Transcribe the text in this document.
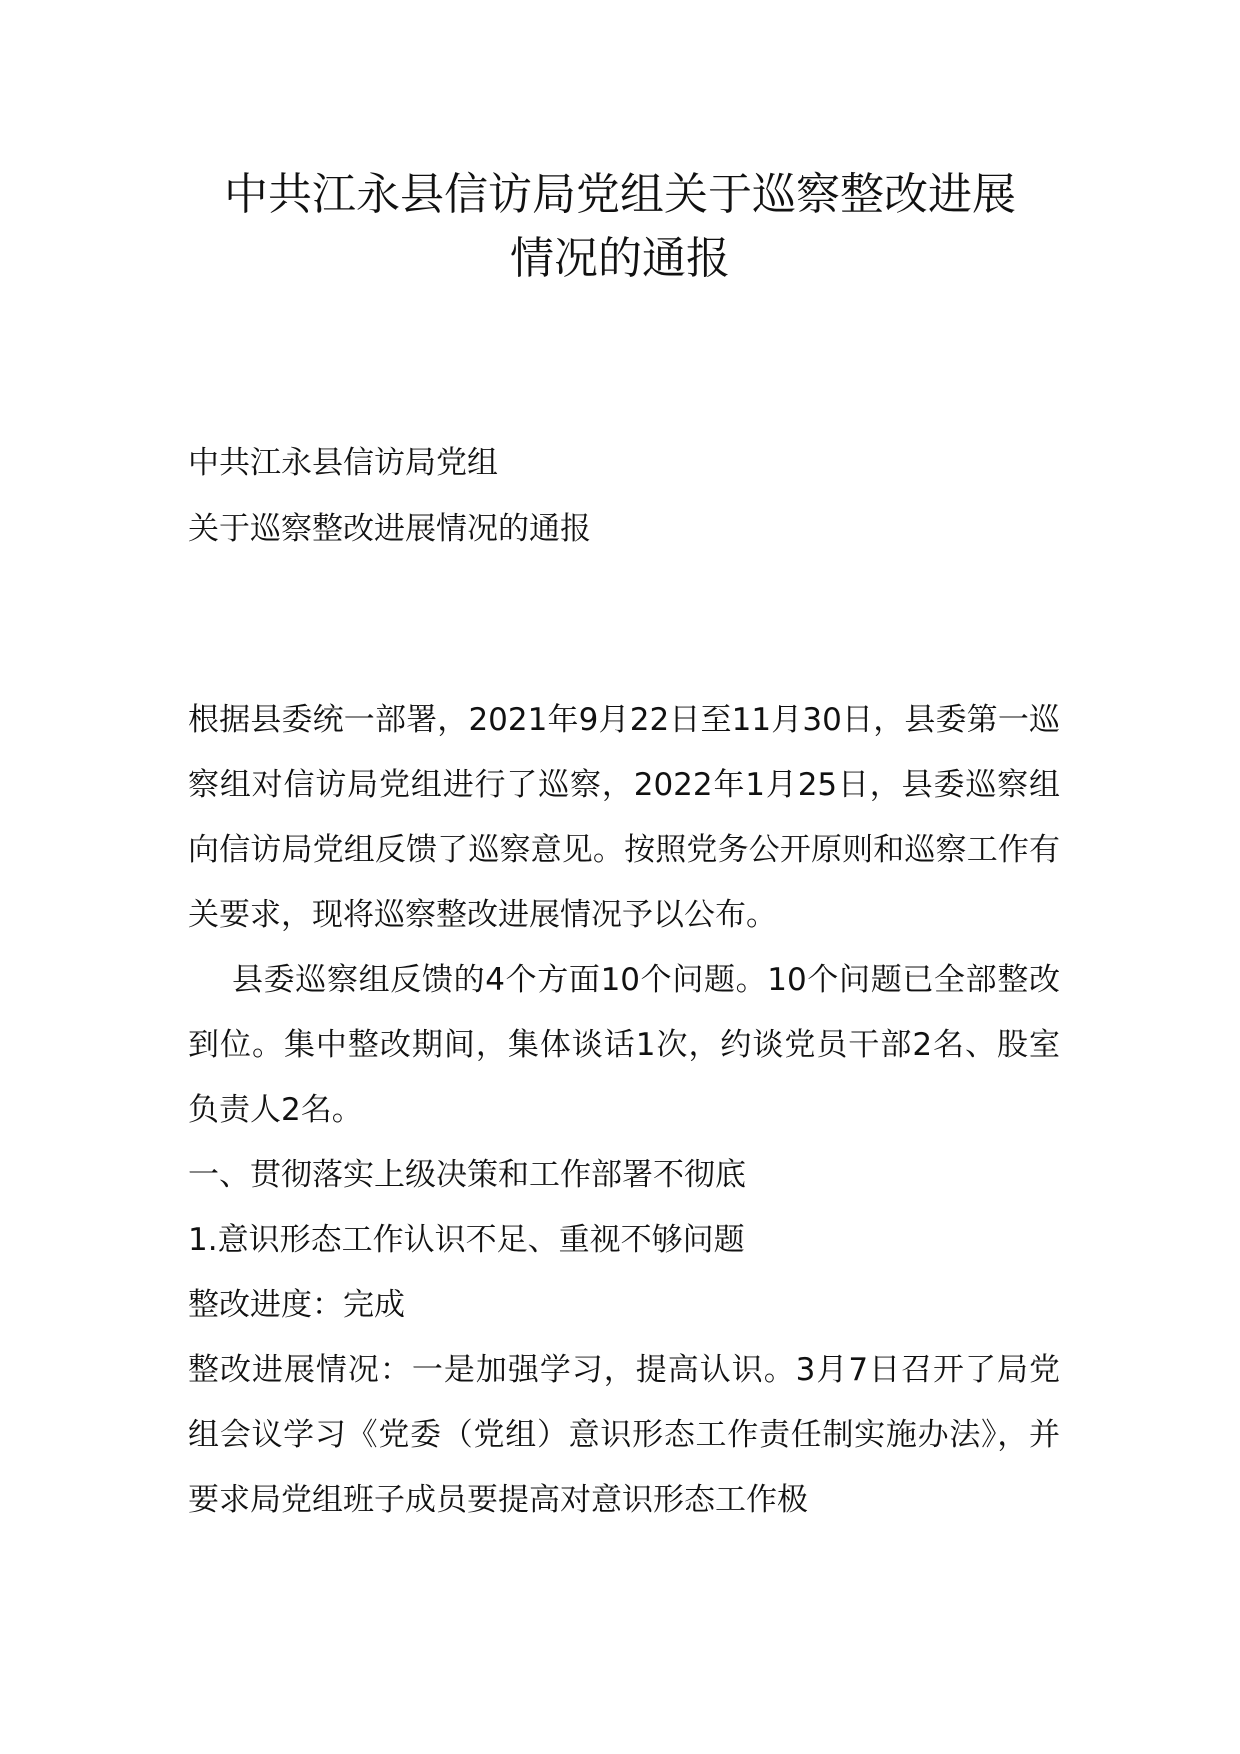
中共江永县信访局党组关于巡察整改进展
情况的通报
中共江永县信访局党组
关于巡察整改进展情况的通报

根据县委统一部署，2021年9月22日至11月30日，县委第一巡察组对信访局党组进行了巡察，2022年1月25日，县委巡察组向信访局党组反馈了巡察意见。按照党务公开原则和巡察工作有关要求，现将巡察整改进展情况予以公布。

县委巡察组反馈的4个方面10个问题。10个问题已全部整改到位。集中整改期间，集体谈话1次，约谈党员干部2名、股室负责人2名。

一、贯彻落实上级决策和工作部署不彻底

1.意识形态工作认识不足、重视不够问题

整改进度：完成

整改进展情况：一是加强学习，提高认识。3月7日召开了局党组会议学习《党委（党组）意识形态工作责任制实施办法》，并要求局党组班子成员要提高对意识形态工作极
